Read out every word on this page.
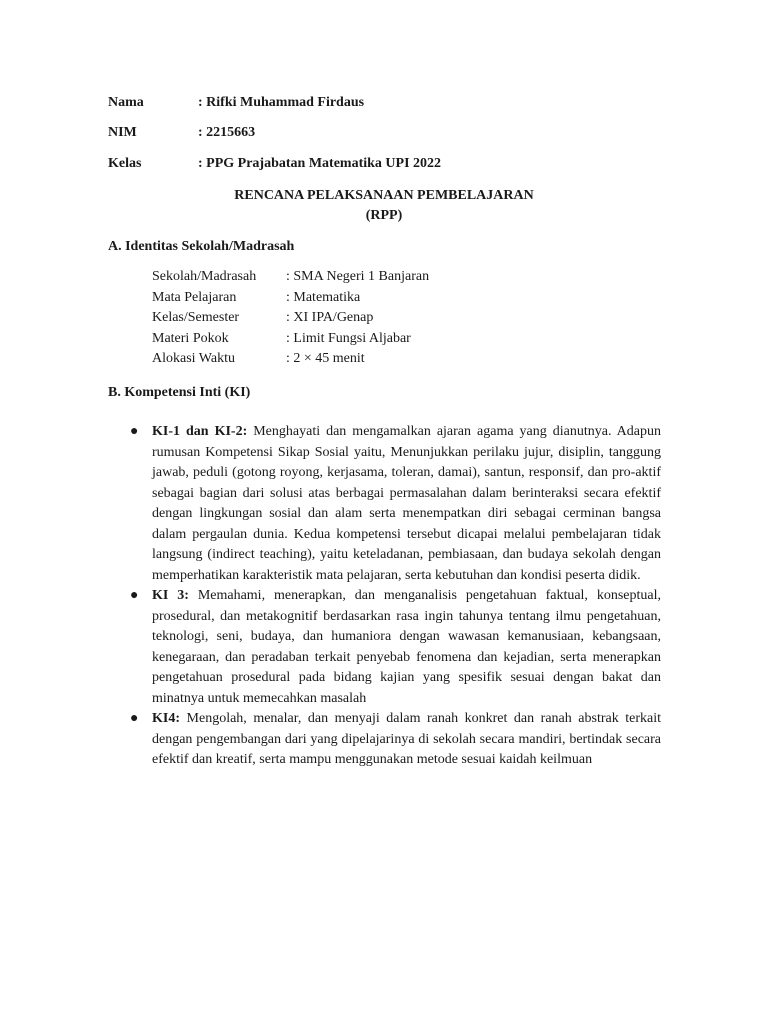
Nama	: Rifki Muhammad Firdaus
NIM	: 2215663
Kelas	: PPG Prajabatan Matematika UPI 2022
RENCANA PELAKSANAAN PEMBELAJARAN
(RPP)
A. Identitas Sekolah/Madrasah
Sekolah/Madrasah : SMA Negeri 1 Banjaran
Mata Pelajaran	: Matematika
Kelas/Semester	: XI IPA/Genap
Materi Pokok	: Limit Fungsi Aljabar
Alokasi Waktu	: 2 × 45 menit
B. Kompetensi Inti (KI)

● KI-1 dan KI-2: Menghayati dan mengamalkan ajaran agama yang dianutnya. Adapun rumusan Kompetensi Sikap Sosial yaitu, Menunjukkan perilaku jujur, disiplin, tanggung jawab, peduli (gotong royong, kerjasama, toleran, damai), santun, responsif, dan pro-aktif sebagai bagian dari solusi atas berbagai permasalahan dalam berinteraksi secara efektif dengan lingkungan sosial dan alam serta menempatkan diri sebagai cerminan bangsa dalam pergaulan dunia. Kedua kompetensi tersebut dicapai melalui pembelajaran tidak langsung (indirect teaching), yaitu keteladanan, pembiasaan, dan budaya sekolah dengan memperhatikan karakteristik mata pelajaran, serta kebutuhan dan kondisi peserta didik.

● KI 3: Memahami, menerapkan, dan menganalisis pengetahuan faktual, konseptual, prosedural, dan metakognitif berdasarkan rasa ingin tahunya tentang ilmu pengetahuan, teknologi, seni, budaya, dan humaniora dengan wawasan kemanusiaan, kebangsaan, kenegaraan, dan peradaban terkait penyebab fenomena dan kejadian, serta menerapkan pengetahuan prosedural pada bidang kajian yang spesifik sesuai dengan bakat dan minatnya untuk memecahkan masalah

● KI4: Mengolah, menalar, dan menyaji dalam ranah konkret dan ranah abstrak terkait dengan pengembangan dari yang dipelajarinya di sekolah secara mandiri, bertindak secara efektif dan kreatif, serta mampu menggunakan metode sesuai kaidah keilmuan
